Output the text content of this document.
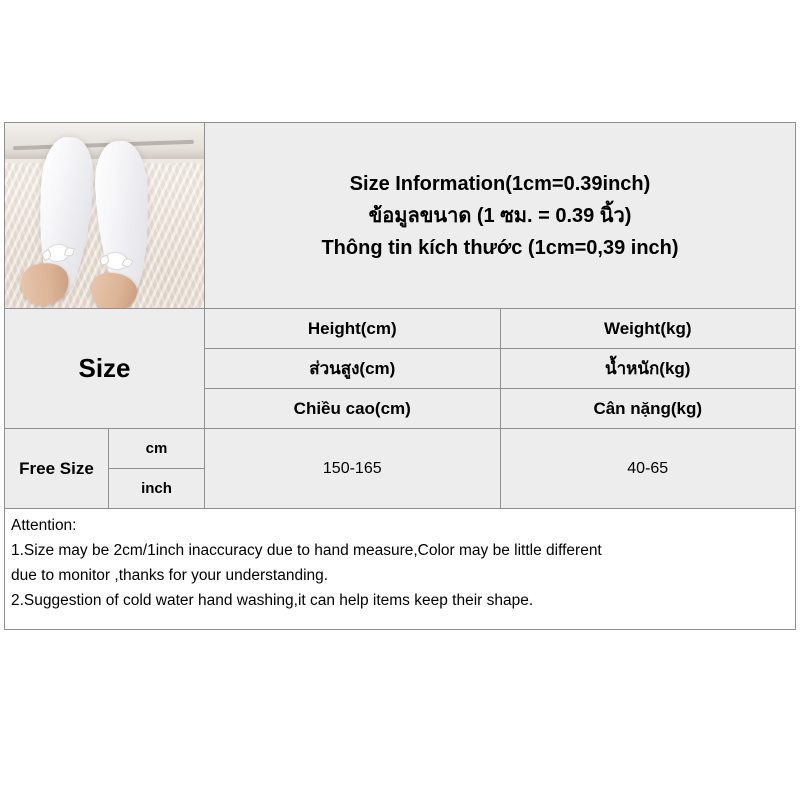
Size Information(1cm=0.39inch)
ข้อมูลขนาด (1 ซม. = 0.39 นิ้ว)
Thông tin kích thước (1cm=0,39 inch)
Size
Height(cm)
ส่วนสูง(cm)
Chiều cao(cm)
Weight(kg)
น้ำหนัก(kg)
Cân nặng(kg)
Free Size
cm
inch
150-165	40-65
Attention:
1.Size may be 2cm/1inch inaccuracy due to hand measure,Color may be little different
due to monitor ,thanks for your understanding.
2.Suggestion of cold water hand washing,it can help items keep their shape.
